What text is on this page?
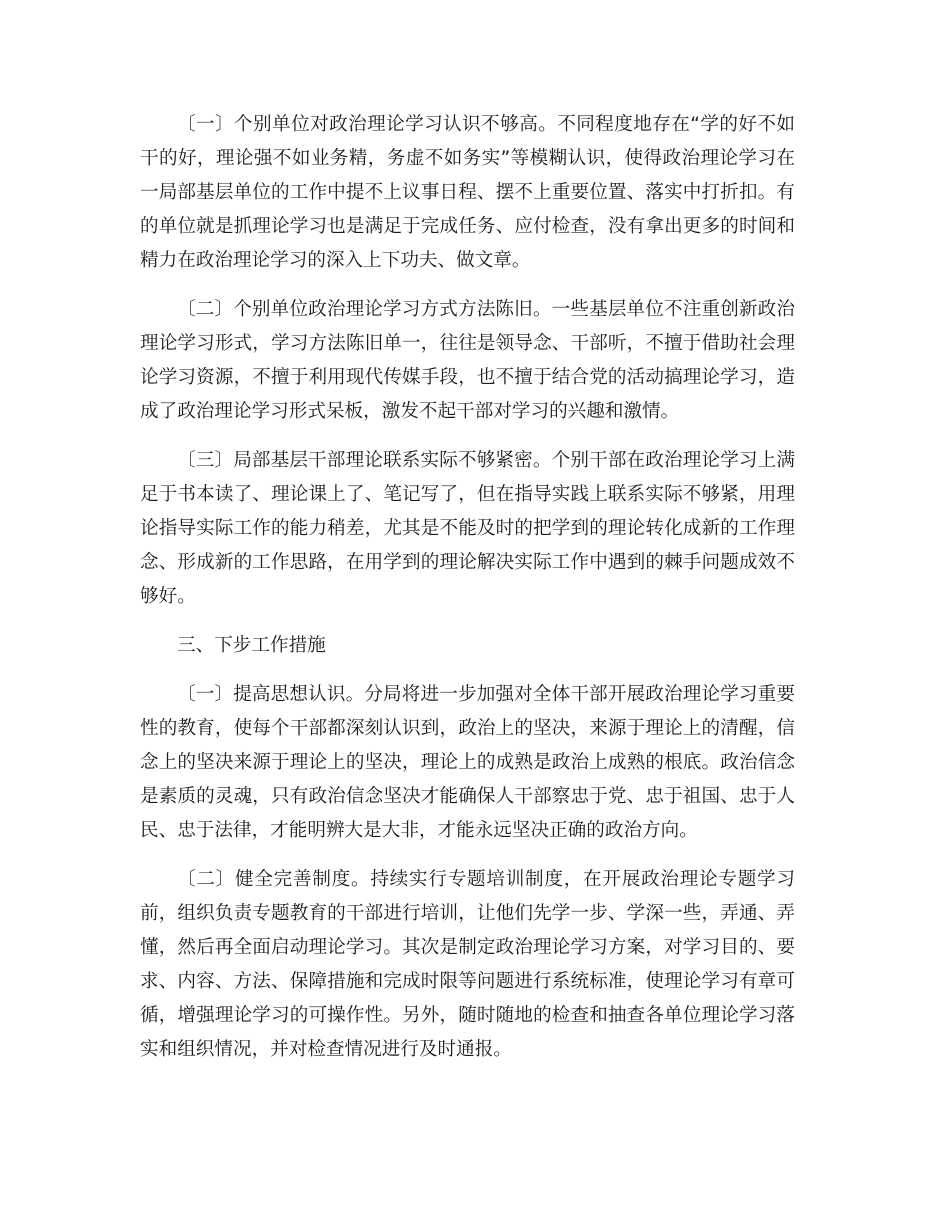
〔一〕个别单位对政治理论学习认识不够高。不同程度地存在“学的好不如干的好，理论强不如业务精，务虚不如务实”等模糊认识，使得政治理论学习在一局部基层单位的工作中提不上议事日程、摆不上重要位置、落实中打折扣。有的单位就是抓理论学习也是满足于完成任务、应付检查，没有拿出更多的时间和精力在政治理论学习的深入上下功夫、做文章。

〔二〕个别单位政治理论学习方式方法陈旧。一些基层单位不注重创新政治理论学习形式，学习方法陈旧单一，往往是领导念、干部听，不擅于借助社会理论学习资源，不擅于利用现代传媒手段，也不擅于结合党的活动搞理论学习，造成了政治理论学习形式呆板，激发不起干部对学习的兴趣和激情。

〔三〕局部基层干部理论联系实际不够紧密。个别干部在政治理论学习上满足于书本读了、理论课上了、笔记写了，但在指导实践上联系实际不够紧，用理论指导实际工作的能力稍差，尤其是不能及时的把学到的理论转化成新的工作理念、形成新的工作思路，在用学到的理论解决实际工作中遇到的棘手问题成效不够好。

三、下步工作措施

〔一〕提高思想认识。分局将进一步加强对全体干部开展政治理论学习重要性的教育，使每个干部都深刻认识到，政治上的坚决，来源于理论上的清醒，信念上的坚决来源于理论上的坚决，理论上的成熟是政治上成熟的根底。政治信念是素质的灵魂，只有政治信念坚决才能确保人干部察忠于党、忠于祖国、忠于人民、忠于法律，才能明辨大是大非，才能永远坚决正确的政治方向。

〔二〕健全完善制度。持续实行专题培训制度，在开展政治理论专题学习前，组织负责专题教育的干部进行培训，让他们先学一步、学深一些，弄通、弄懂，然后再全面启动理论学习。其次是制定政治理论学习方案，对学习目的、要求、内容、方法、保障措施和完成时限等问题进行系统标准，使理论学习有章可循，增强理论学习的可操作性。另外，随时随地的检查和抽查各单位理论学习落实和组织情况，并对检查情况进行及时通报。
